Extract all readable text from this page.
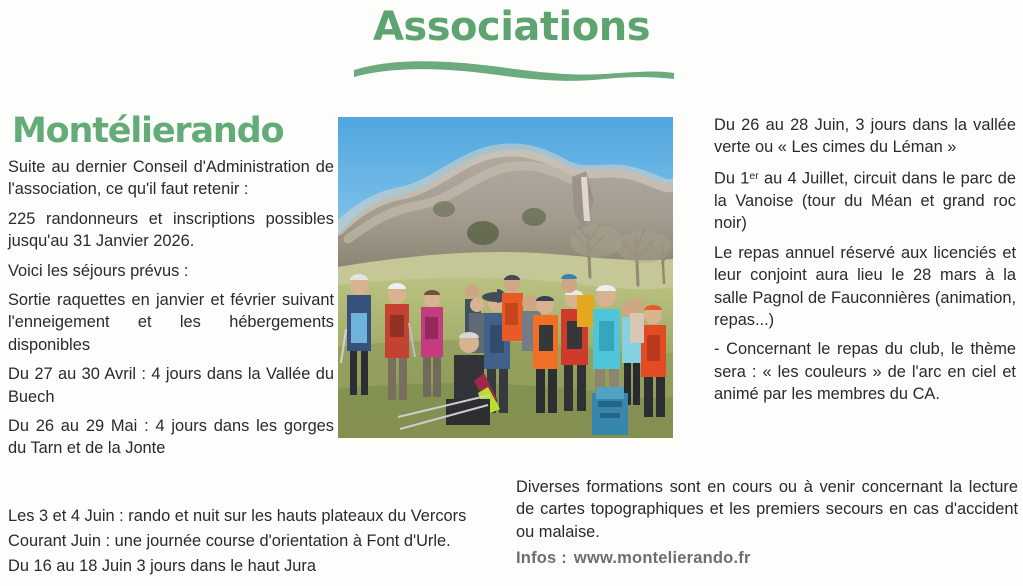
Associations
Montélierando

Suite au dernier Conseil d'Administration de l'association, ce qu'il faut retenir :

225 randonneurs et inscriptions possibles jusqu'au 31 Janvier 2026.

Voici les séjours prévus :

Sortie raquettes en janvier et février suivant l'enneigement et les hébergements disponibles

Du 27 au 30 Avril : 4 jours dans la Vallée du Buech

Du 26 au 29 Mai : 4 jours dans les gorges du Tarn et de la Jonte

Du 26 au 28 Juin, 3 jours dans la vallée verte ou « Les cimes du Léman »

Du 1er au 4 Juillet, circuit dans le parc de la Vanoise (tour du Méan et grand roc noir)

Le repas annuel réservé aux licenciés et leur conjoint aura lieu le 28 mars à la salle Pagnol de Fauconnières (animation, repas...)

- Concernant le repas du club, le thème sera : « les couleurs » de l'arc en ciel et animé par les membres du CA.

Les 3 et 4 Juin : rando et nuit sur les hauts plateaux du Vercors

Courant Juin : une journée course d'orientation à Font d'Urle.

Du 16 au 18 Juin 3 jours dans le haut Jura

Diverses formations sont en cours ou à venir concernant la lecture de cartes topographiques et les premiers secours en cas d'accident ou malaise.

Infos : www.montelierando.fr
